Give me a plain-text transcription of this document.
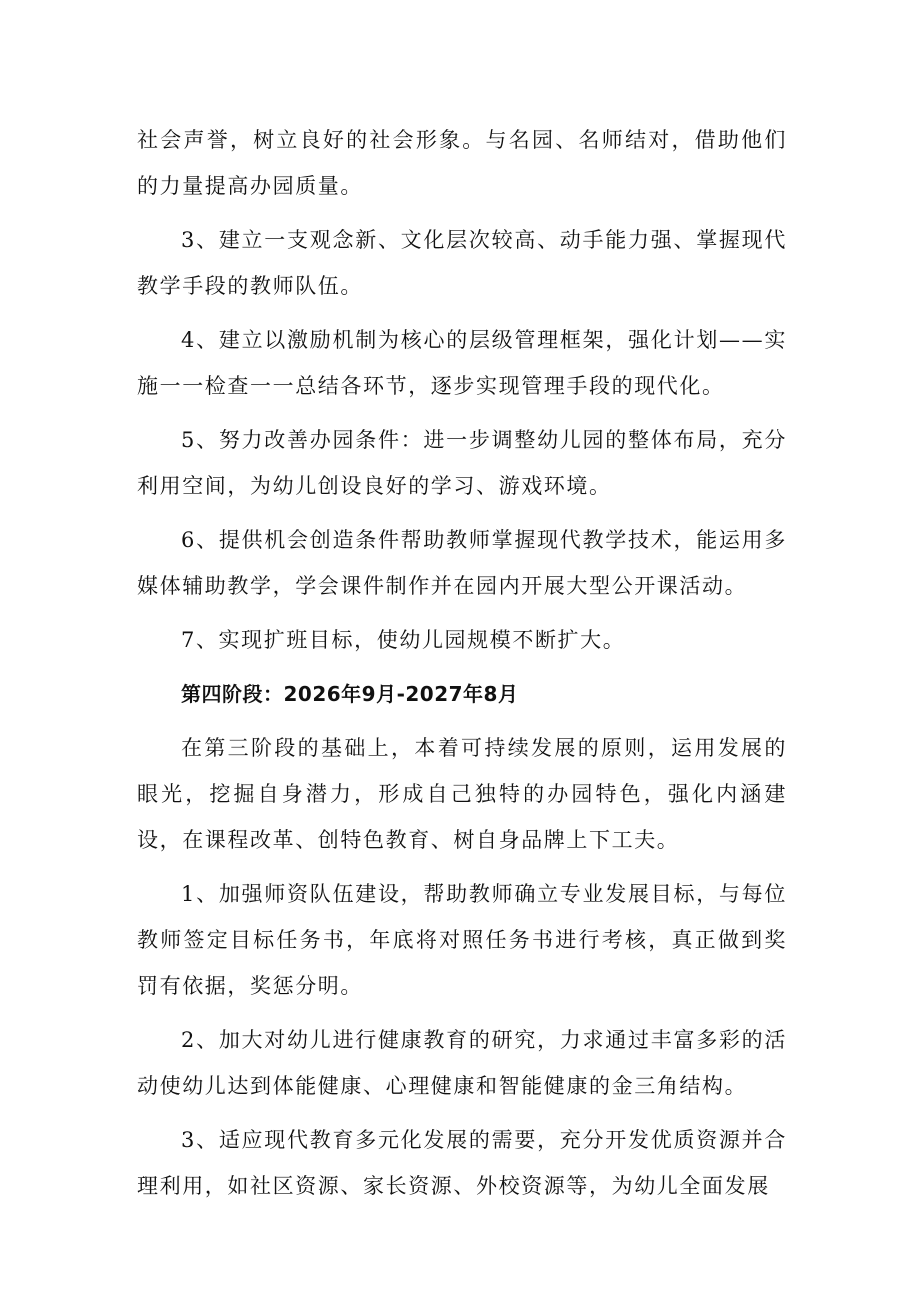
社会声誉，树立良好的社会形象。与名园、名师结对，借助他们的力量提高办园质量。

3、建立一支观念新、文化层次较高、动手能力强、掌握现代教学手段的教师队伍。

4、建立以激励机制为核心的层级管理框架，强化计划——实施一一检查一一总结各环节，逐步实现管理手段的现代化。

5、努力改善办园条件：进一步调整幼儿园的整体布局，充分利用空间，为幼儿创设良好的学习、游戏环境。

6、提供机会创造条件帮助教师掌握现代教学技术，能运用多媒体辅助教学，学会课件制作并在园内开展大型公开课活动。

7、实现扩班目标，使幼儿园规模不断扩大。

第四阶段：2026年9月-2027年8月

在第三阶段的基础上，本着可持续发展的原则，运用发展的眼光，挖掘自身潜力，形成自己独特的办园特色，强化内涵建设，在课程改革、创特色教育、树自身品牌上下工夫。

1、加强师资队伍建设，帮助教师确立专业发展目标，与每位教师签定目标任务书，年底将对照任务书进行考核，真正做到奖罚有依据，奖惩分明。

2、加大对幼儿进行健康教育的研究，力求通过丰富多彩的活动使幼儿达到体能健康、心理健康和智能健康的金三角结构。

3、适应现代教育多元化发展的需要，充分开发优质资源并合理利用，如社区资源、家长资源、外校资源等，为幼儿全面发展
